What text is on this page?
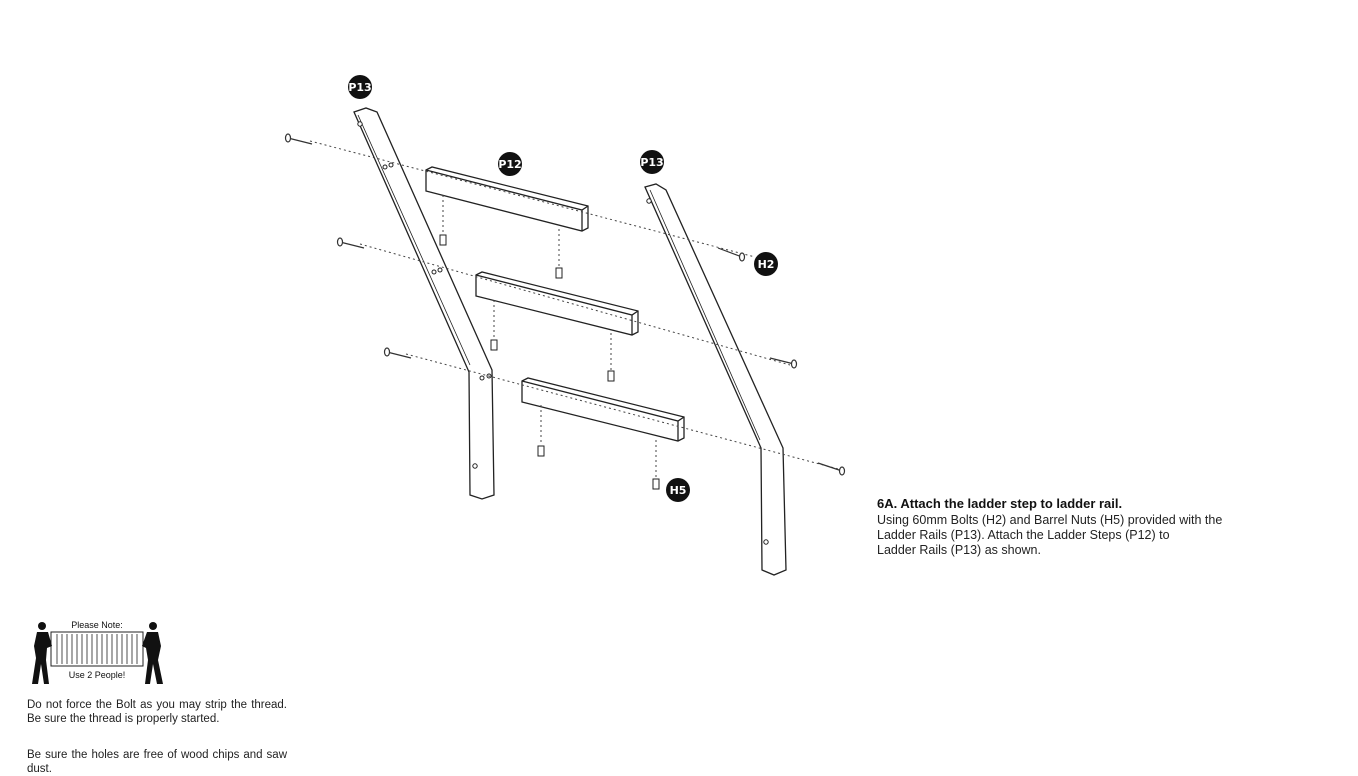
P13
P12	P13
H2
H5

6A. Attach the ladder step to ladder rail.

Using 60mm Bolts (H2) and Barrel Nuts (H5) provided with the

Ladder Rails (P13). Attach the Ladder Steps (P12) to

Ladder Rails (P13) as shown.

Please Note:
Use 2 People!

Do not force the Bolt as you may strip the thread. Be sure the thread is properly started.

Be sure the holes are free of wood chips and saw dust.
